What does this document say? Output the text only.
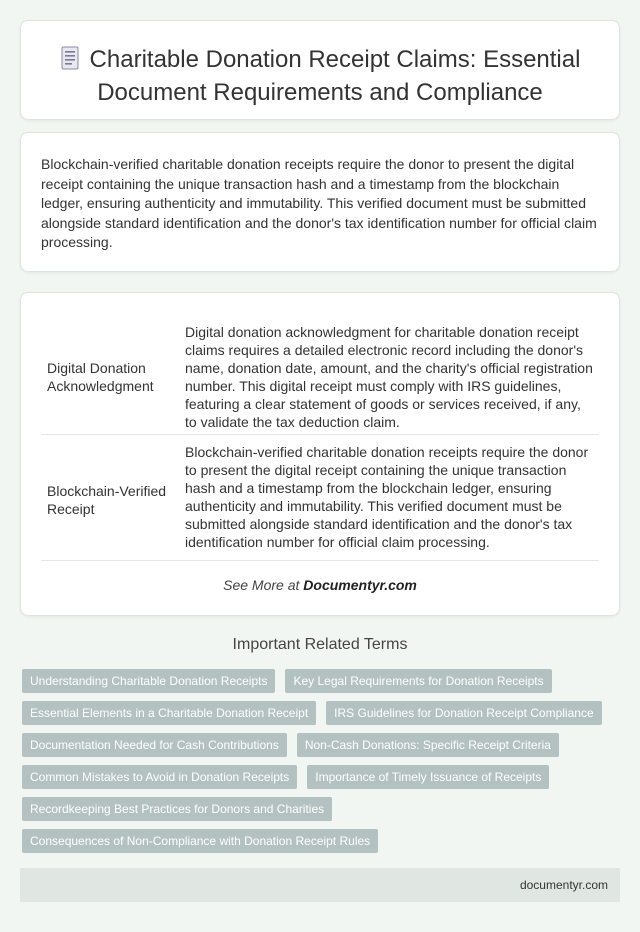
Charitable Donation Receipt Claims: Essential
Document Requirements and Compliance

Blockchain-verified charitable donation receipts require the donor to present the digital receipt containing the unique transaction hash and a timestamp from the blockchain ledger, ensuring authenticity and immutability. This verified document must be submitted alongside standard identification and the donor's tax identification number for official claim processing.

Digital Donation Acknowledgment
Digital donation acknowledgment for charitable donation receipt claims requires a detailed electronic record including the donor's name, donation date, amount, and the charity's official registration number. This digital receipt must comply with IRS guidelines, featuring a clear statement of goods or services received, if any, to validate the tax deduction claim.
Blockchain-Verified Receipt
Blockchain-verified charitable donation receipts require the donor to present the digital receipt containing the unique transaction hash and a timestamp from the blockchain ledger, ensuring authenticity and immutability. This verified document must be submitted alongside standard identification and the donor's tax identification number for official claim processing.
See More at Documentyr.com
Important Related Terms
Understanding Charitable Donation Receipts	Key Legal Requirements for Donation Receipts
Essential Elements in a Charitable Donation Receipt	IRS Guidelines for Donation Receipt Compliance
Documentation Needed for Cash Contributions	Non-Cash Donations: Specific Receipt Criteria
Common Mistakes to Avoid in Donation Receipts	Importance of Timely Issuance of Receipts
Recordkeeping Best Practices for Donors and Charities
Consequences of Non-Compliance with Donation Receipt Rules
documentyr.com
